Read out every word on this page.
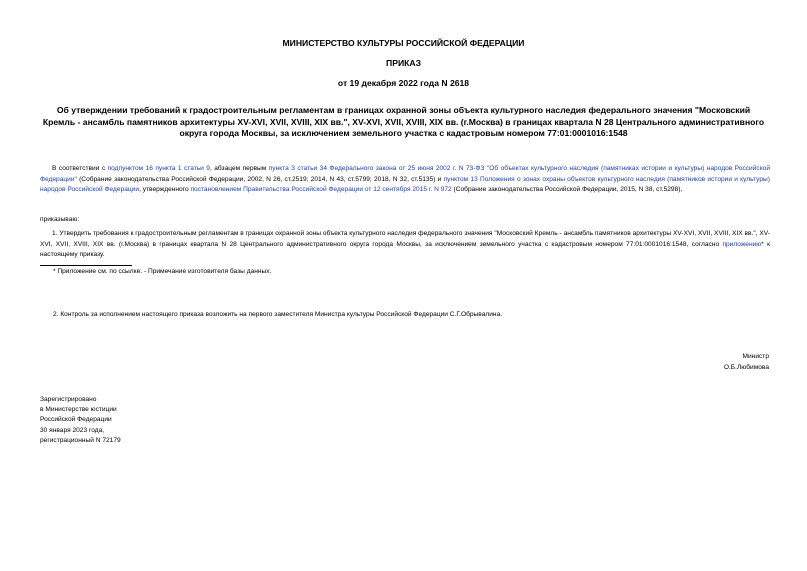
МИНИСТЕРСТВО КУЛЬТУРЫ РОССИЙСКОЙ ФЕДЕРАЦИИ
ПРИКАЗ
от 19 декабря 2022 года N 2618
Об утверждении требований к градостроительным регламентам в границах охранной зоны объекта культурного наследия федерального значения "Московский Кремль - ансамбль памятников архитектуры XV-XVI, XVII, XVIII, XIX вв.", XV-XVI, XVII, XVIII, XIX вв. (г.Москва) в границах квартала N 28 Центрального административного округа города Москвы, за исключением земельного участка с кадастровым номером 77:01:0001016:1548

В соответствии с подпунктом 16 пункта 1 статьи 9, абзацем первым пункта 3 статьи 34 Федерального закона от 25 июня 2002 г. N 73-ФЗ "Об объектах культурного наследия (памятниках истории и культуры) народов Российской Федерации" (Собрание законодательства Российской Федерации, 2002, N 26, ст.2519; 2014, N 43, ст.5799; 2018, N 32, ст.5135) и пунктом 13 Положения о зонах охраны объектов культурного наследия (памятников истории и культуры) народов Российской Федерации, утвержденного постановлением Правительства Российской Федерации от 12 сентября 2015 г. N 972 (Собрание законодательства Российской Федерации, 2015, N 38, ст.5298),

приказываю:

1. Утвердить требования к градостроительным регламентам в границах охранной зоны объекта культурного наследия федерального значения "Московский Кремль - ансамбль памятников архитектуры XV-XVI, XVII, XVIII, XIX вв.", XV-XVI, XVII, XVIII, XIX вв. (г.Москва) в границах квартала N 28 Центрального административного округа города Москвы, за исключением земельного участка с кадастровым номером 77:01:0001016:1548, согласно приложению* к настоящему приказу.

* Приложение см. по ссылке. - Примечание изготовителя базы данных.
2. Контроль за исполнением настоящего приказа возложить на первого заместителя Министра культуры Российской Федерации С.Г.Обрывалина.
Министр
О.Б.Любимова
Зарегистрировано
в Министерстве юстиции
Российской Федерации
30 января 2023 года,
регистрационный N 72179
